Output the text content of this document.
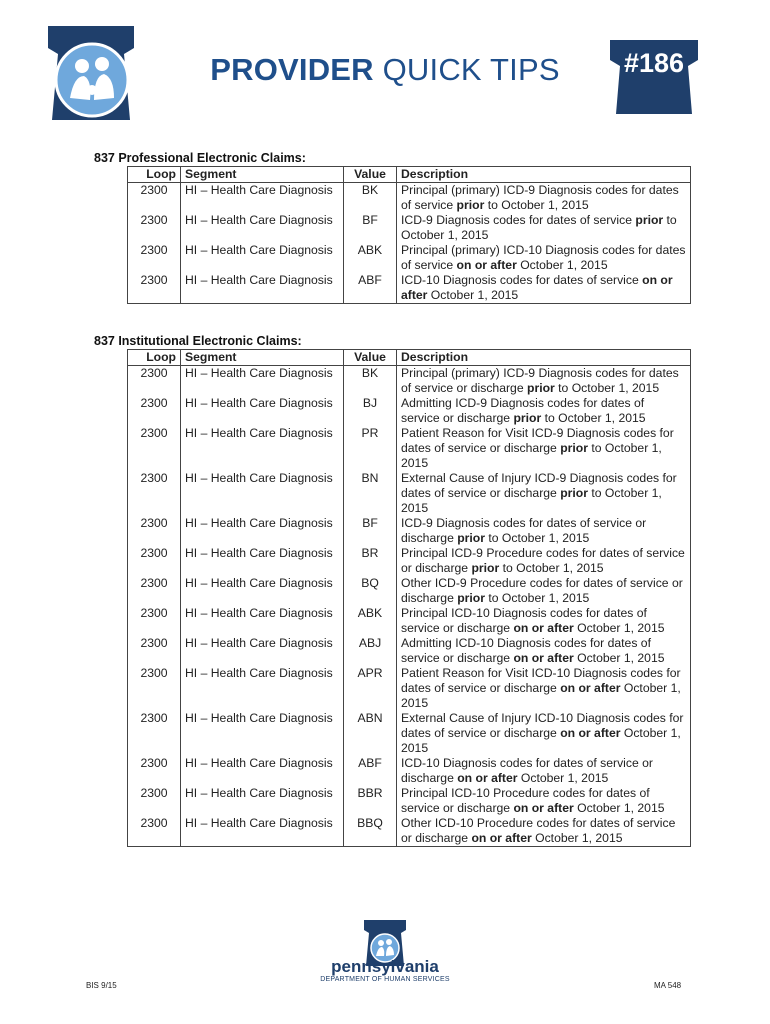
PROVIDER QUICK TIPS	#186
837 Professional Electronic Claims:
Loop	Segment	Value	Description
2300	HI – Health Care Diagnosis	BK	Principal (primary) ICD-9 Diagnosis codes for dates of service prior to October 1, 2015
2300	HI – Health Care Diagnosis	BF	ICD-9 Diagnosis codes for dates of service prior to October 1, 2015
2300	HI – Health Care Diagnosis	ABK	Principal (primary) ICD-10 Diagnosis codes for dates of service on or after October 1, 2015
2300	HI – Health Care Diagnosis	ABF	ICD-10 Diagnosis codes for dates of service on or after October 1, 2015
837 Institutional Electronic Claims:
Loop	Segment	Value	Description
2300	HI – Health Care Diagnosis	BK	Principal (primary) ICD-9 Diagnosis codes for dates of service or discharge prior to October 1, 2015
2300	HI – Health Care Diagnosis	BJ	Admitting ICD-9 Diagnosis codes for dates of service or discharge prior to October 1, 2015
2300	HI – Health Care Diagnosis	PR	Patient Reason for Visit ICD-9 Diagnosis codes for dates of service or discharge prior to October 1, 2015
2300	HI – Health Care Diagnosis	BN	External Cause of Injury ICD-9 Diagnosis codes for dates of service or discharge prior to October 1, 2015
2300	HI – Health Care Diagnosis	BF	ICD-9 Diagnosis codes for dates of service or discharge prior to October 1, 2015
2300	HI – Health Care Diagnosis	BR	Principal ICD-9 Procedure codes for dates of service or discharge prior to October 1, 2015
2300	HI – Health Care Diagnosis	BQ	Other ICD-9 Procedure codes for dates of service or discharge prior to October 1, 2015
2300	HI – Health Care Diagnosis	ABK	Principal ICD-10 Diagnosis codes for dates of service or discharge on or after October 1, 2015
2300	HI – Health Care Diagnosis	ABJ	Admitting ICD-10 Diagnosis codes for dates of service or discharge on or after October 1, 2015
2300	HI – Health Care Diagnosis	APR	Patient Reason for Visit ICD-10 Diagnosis codes for dates of service or discharge on or after October 1, 2015
2300	HI – Health Care Diagnosis	ABN	External Cause of Injury ICD-10 Diagnosis codes for dates of service or discharge on or after October 1, 2015
2300	HI – Health Care Diagnosis	ABF	ICD-10 Diagnosis codes for dates of service or discharge on or after October 1, 2015
2300	HI – Health Care Diagnosis	BBR	Principal ICD-10 Procedure codes for dates of service or discharge on or after October 1, 2015
2300	HI – Health Care Diagnosis	BBQ	Other ICD-10 Procedure codes for dates of service or discharge on or after October 1, 2015
pennsylvania
DEPARTMENT OF HUMAN SERVICES
BIS 9/15	MA 548
